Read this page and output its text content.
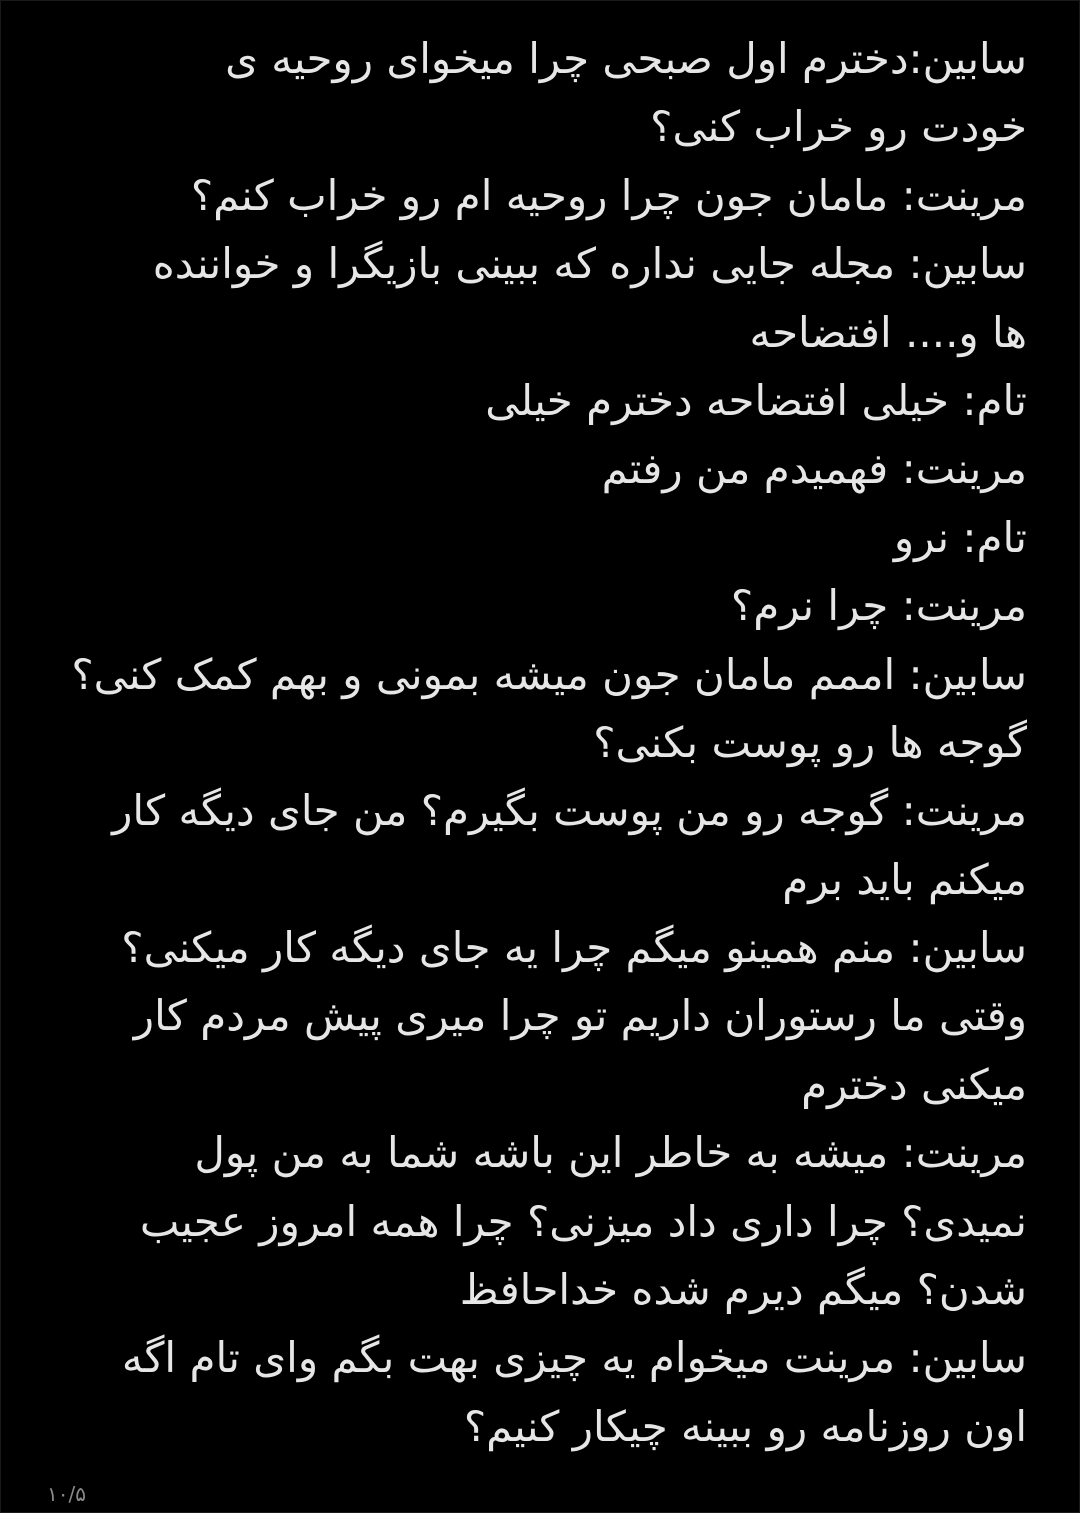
سابین:دخترم اول صبحی چرا میخوای روحیه ی
خودت رو خراب کنی؟
مرینت: مامان جون چرا روحیه ام رو خراب کنم؟
سابین: مجله جایی نداره که ببینی بازیگرا و خواننده
ها و.... افتضاحه
تام: خیلی افتضاحه دخترم خیلی
مرینت: فهمیدم من رفتم
تام: نرو
مرینت: چرا نرم؟
سابین: اممم مامان جون میشه بمونی و بهم کمک کنی؟
گوجه ها رو پوست بکنی؟
مرینت: گوجه رو من پوست بگیرم؟ من جای دیگه کار
میکنم باید برم
سابین: منم همینو میگم چرا یه جای دیگه کار میکنی؟
وقتی ما رستوران داریم تو چرا میری پیش مردم کار
میکنی دخترم
مرینت: میشه به خاطر این باشه شما به من پول
نمیدی؟ چرا داری داد میزنی؟ چرا همه امروز عجیب
شدن؟ میگم دیرم شده خداحافظ
سابین: مرینت میخوام یه چیزی بهت بگم وای تام اگه
اون روزنامه رو ببینه چیکار کنیم؟
۱۰/۵
